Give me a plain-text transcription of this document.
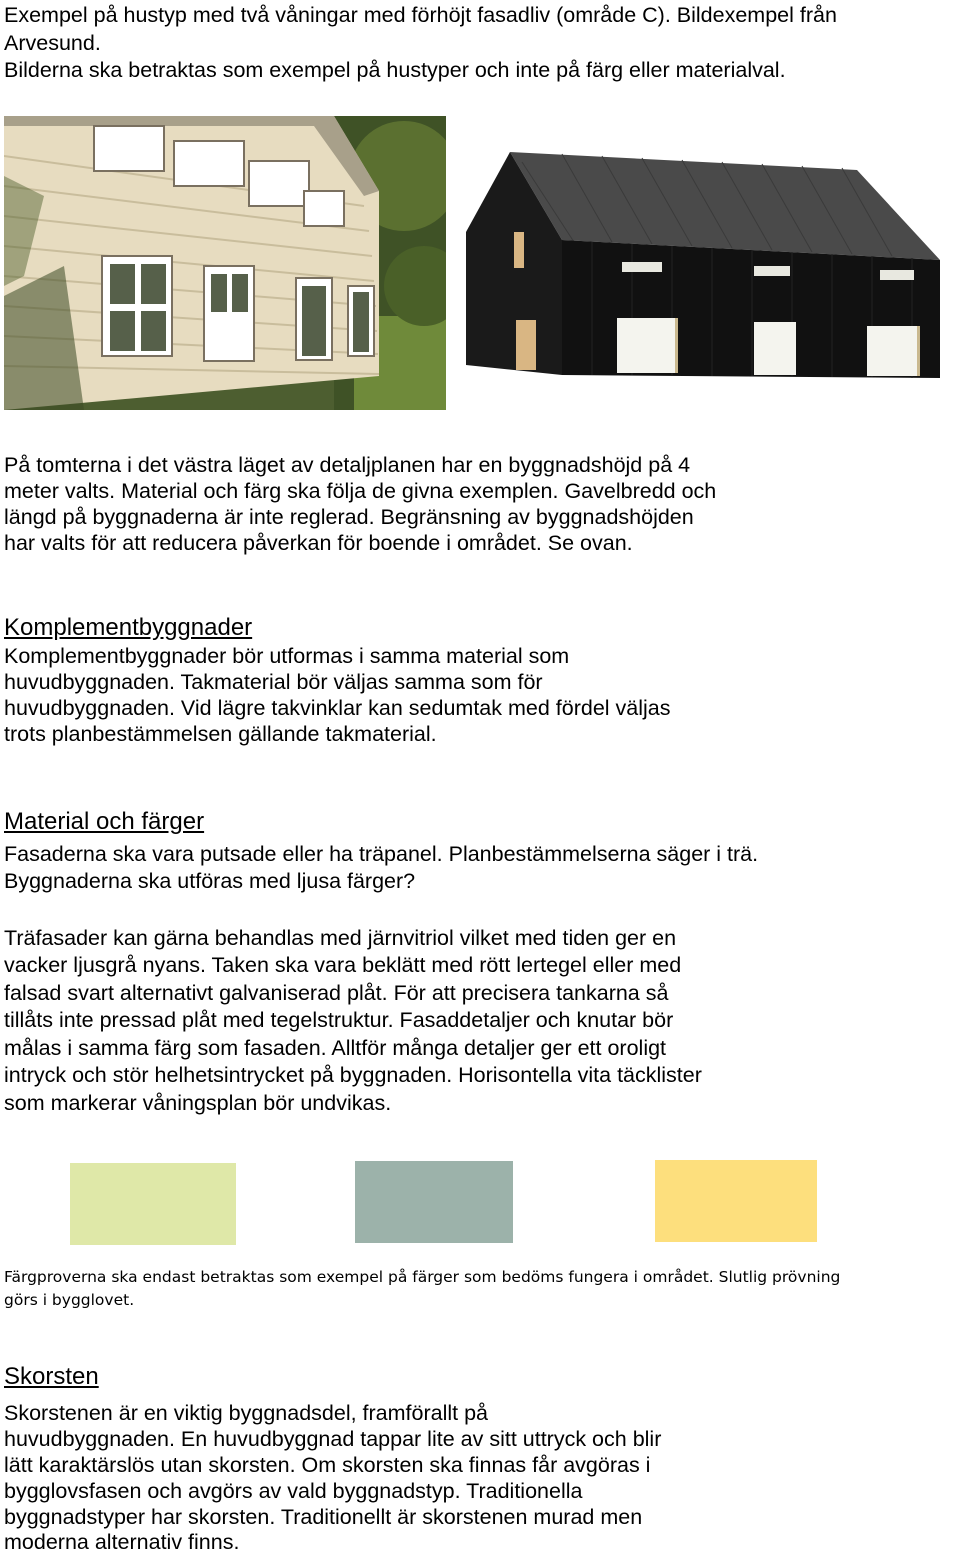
Exempel på hustyp med två våningar med förhöjt fasadliv (område C). Bildexempel från

Arvesund.

Bilderna ska betraktas som exempel på hustyper och inte på färg eller materialval.

På tomterna i det västra läget av detaljplanen har en byggnadshöjd på 4

meter valts. Material och färg ska följa de givna exemplen. Gavelbredd och

längd på byggnaderna är inte reglerad. Begränsning av byggnadshöjden

har valts för att reducera påverkan för boende i området. Se ovan.

Komplementbyggnader

Komplementbyggnader bör utformas i samma material som

huvudbyggnaden. Takmaterial bör väljas samma som för

huvudbyggnaden. Vid lägre takvinklar kan sedumtak med fördel väljas

trots planbestämmelsen gällande takmaterial.

Material och färger

Fasaderna ska vara putsade eller ha träpanel. Planbestämmelserna säger i trä.

Byggnaderna ska utföras med ljusa färger?

Träfasader kan gärna behandlas med järnvitriol vilket med tiden ger en

vacker ljusgrå nyans. Taken ska vara beklätt med rött lertegel eller med

falsad svart alternativt galvaniserad plåt. För att precisera tankarna så

tillåts inte pressad plåt med tegelstruktur. Fasaddetaljer och knutar bör

målas i samma färg som fasaden. Alltför många detaljer ger ett oroligt

intryck och stör helhetsintrycket på byggnaden. Horisontella vita täcklister

som markerar våningsplan bör undvikas.

Färgproverna ska endast betraktas som exempel på färger som bedöms fungera i området. Slutlig prövning

görs i bygglovet.

Skorsten

Skorstenen är en viktig byggnadsdel, framförallt på

huvudbyggnaden. En huvudbyggnad tappar lite av sitt uttryck och blir

lätt karaktärslös utan skorsten. Om skorsten ska finnas får avgöras i

bygglovsfasen och avgörs av vald byggnadstyp. Traditionella

byggnadstyper har skorsten. Traditionellt är skorstenen murad men

moderna alternativ finns.
